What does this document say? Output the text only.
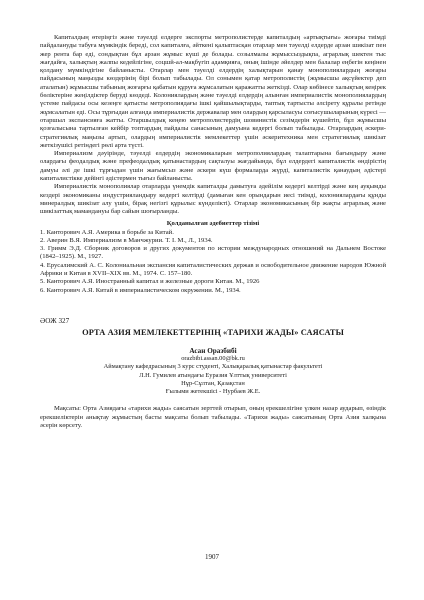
Капиталдың өтеріңгіз және тәуелді елдерге экспорты метрополистерде капиталдың «артықтығы» жоғары тиімді пайдалануды табуға мүмкіндік береді, сол капиталға, әйткені қалыптасқан отарлар мен тәуелді елдерде арзан шикізат пен жер рента бар еді, сондықтан бұл арзан жұмыс күші де болады. созылмалы жұмыссыздықпа, аграрлық шектен тыс жағдайға, халықтың жалпы кедейлігіне, соцшй-ал-мақбүгіп адамқияға, оның ішінде әйелдер мен балалар еңбегін кеңінен қолдану мүмкіндігіне байланысты. Отарлар мен тәуелді елдердің халықтарын қанау монополиялардың жоғары пайдасының маңызды көздерінің бірі болып табылады. Ол сонымен қатар метрополистің (жұмысшы ақсүйектер деп аталатын) жұмысшы табының жоғарғы қабатын құруға жұмсалатын қаражатты жеткізді. Олар көбінесе халықтың кеңірек бөліктеріне жеңілдіктер беруді көздеді. Колониялардың және тәуелді елдердің алынған империалистік монополиялардың үстеме пайдасы осы кезеңге қатысты метрополиядағы ішкі қайшылықтарды, таптық тартысты әлсірету құралы ретінде жұмсалатын еді. Осы тұрғыдан алғанда империалистік державалар мен олардың қарсыласуы соғысушыларының күресі — отаршыл экспансияға жатты. Отаршылдық кеңею метрополистердің шовинистік сезімдерін күшейтіп, бұл жұмысшы қозғалысына тартылған кейбір топтардың пайдалы санасының дамуына кедергі болып табылады. Отарлардың әскери-стратегиялық маңызы артып, олардың империалистік мемлекеттер үшін әскеритехника мен стратегиялық шикізат жеткізушісі ретіндегі рөлі арта түсті.

Империализм дәуірінде, тәуелді елдердің экономикаларын метрополиялардың талаптарына бағындыру және олардағы феодалдық және префеодалдық қатынастардың сақталуы жағдайында, бұл елдердегі капиталистік өндірістің дамуы әлі де ішкі тұрғыдан үшін жағымсыз және әскери күш формаларда жүрді, капиталистік қанаудың әдістері капиталистікке дейінгі әдістермен тығыз байланысты.

Империалистік монополиялар отарларда үнемдік капиталды дамытуға әдейілім кедергі келтірді және кең ауқымды кездері экономиканы индустрияландыру кедергі келтірді (дамыған кен орындарын иесі тиімді, колониялардағы құнды минералдық шикізат алу үшін, бірақ негізгі құрылыс күнделікті). Отарлар экономикасының бір жақты аграрлық және шикізаттық мамандануы бар сайын шоғырланды.

Қолданылған әдебиеттер тізімі
1. Канторович А.Я. Америка в борьбе за Китай.
2. Аверин В.Я. Империализм в Манчжурии. Т. І. М., Л., 1934.
3. Гримм Э.Д. Сборник договоров и других документов по истории международных отношений на Дальнем Востоке (1842–1925). М., 1927.
4. Ерусалимский А. С. Колониальная экспансия капиталистических держав и освободительное движение народов Южной Африки и Китая в XVII–XIX вв. М., 1974. С. 157–180.
5. Канторович А.Я. Иностранный капитал и железные дороги Китая. М., 1926
6. Канторович А.Я. Китай в империалистическом окружении. М., 1934.
ӘОЖ 327
ОРТА АЗИЯ МЕМЛЕКЕТТЕРІНІҢ «ТАРИХИ ЖАДЫ» САЯСАТЫ
Асан Оразбибі
orazbibi.assan.00@bk.ru
Аймақтану кафедрасының 3 курс студенті, Халықаралық қатынастар факультеті
Л.Н. Гумилев атындағы Еуразия Ұлттық университеті
Нұр-Сұлтан, Қазақстан
Ғылыми жетекшісі - Нурбаев Ж.Е.

Мақсаты: Орта Азиядағы «тарихи жады» саясатын зерттей отырып, оның ерекшелігіне үлкен назар аударып, өзіндік ерекшеліктерін анықтау жұмыстың басты мақсаты болып табылады. «Тарихи жады» саясатының Орта Азия халқына әсерін көрсету.

1907
